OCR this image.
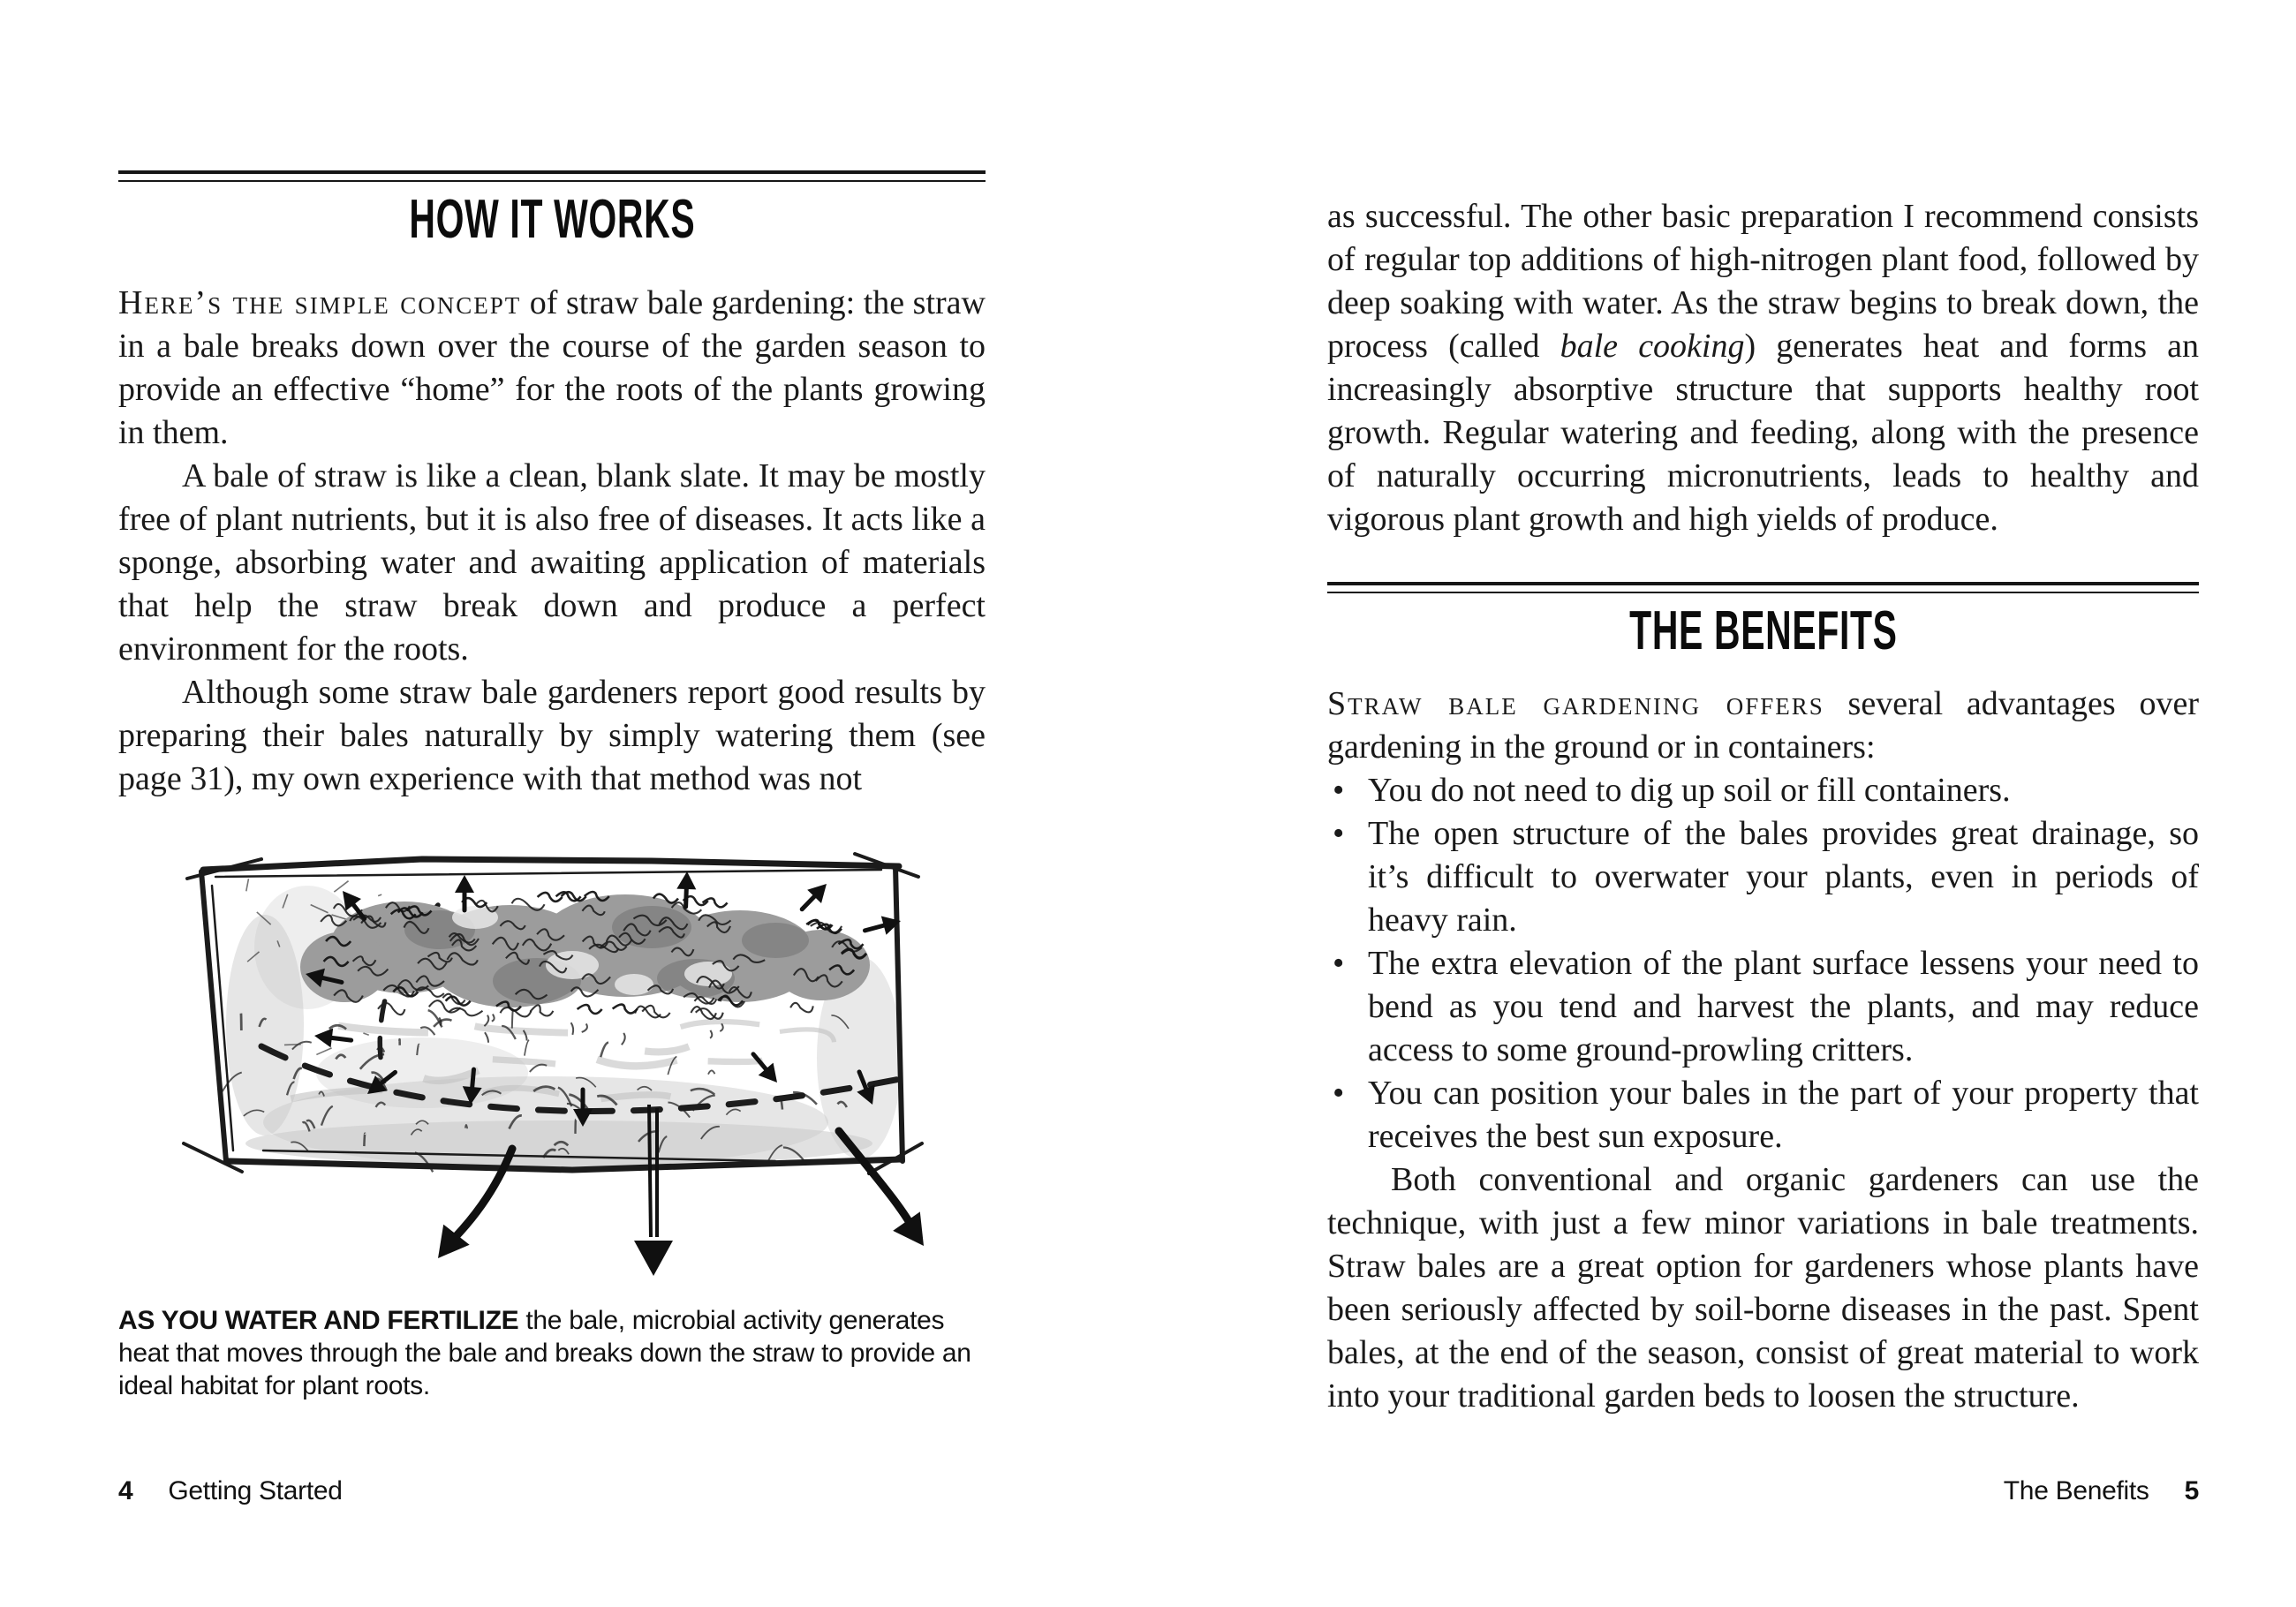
HOW IT WORKS

Here’s the simple concept of straw bale gardening: the straw in a bale breaks down over the course of the garden season to provide an effective “home” for the roots of the plants growing in them.

A bale of straw is like a clean, blank slate. It may be mostly free of plant nutrients, but it is also free of diseases. It acts like a sponge, absorbing water and awaiting application of materials that help the straw break down and produce a perfect environment for the roots.

Although some straw bale gardeners report good results by preparing their bales naturally by simply watering them (see page 31), my own experience with that method was not

AS YOU WATER AND FERTILIZE the bale, microbial activity generates heat that moves through the bale and breaks down the straw to provide an ideal habitat for plant roots.

as successful. The other basic preparation I recommend consists of regular top additions of high-nitrogen plant food, followed by deep soaking with water. As the straw begins to break down, the process (called bale cooking) generates heat and forms an increasingly absorptive structure that supports healthy root growth. Regular watering and feeding, along with the presence of naturally occurring micronutrients, leads to healthy and vigorous plant growth and high yields of produce.

THE BENEFITS

Straw bale gardening offers several advantages over gardening in the ground or in containers:

• You do not need to dig up soil or fill containers.
• The open structure of the bales provides great drainage, so it’s difficult to overwater your plants, even in periods of heavy rain.
• The extra elevation of the plant surface lessens your need to bend as you tend and harvest the plants, and may reduce access to some ground-prowling critters.
• You can position your bales in the part of your property that receives the best sun exposure.

Both conventional and organic gardeners can use the technique, with just a few minor variations in bale treatments. Straw bales are a great option for gardeners whose plants have been seriously affected by soil-borne diseases in the past. Spent bales, at the end of the season, consist of great material to work into your traditional garden beds to loosen the structure.

4 Getting Started	The Benefits 5
